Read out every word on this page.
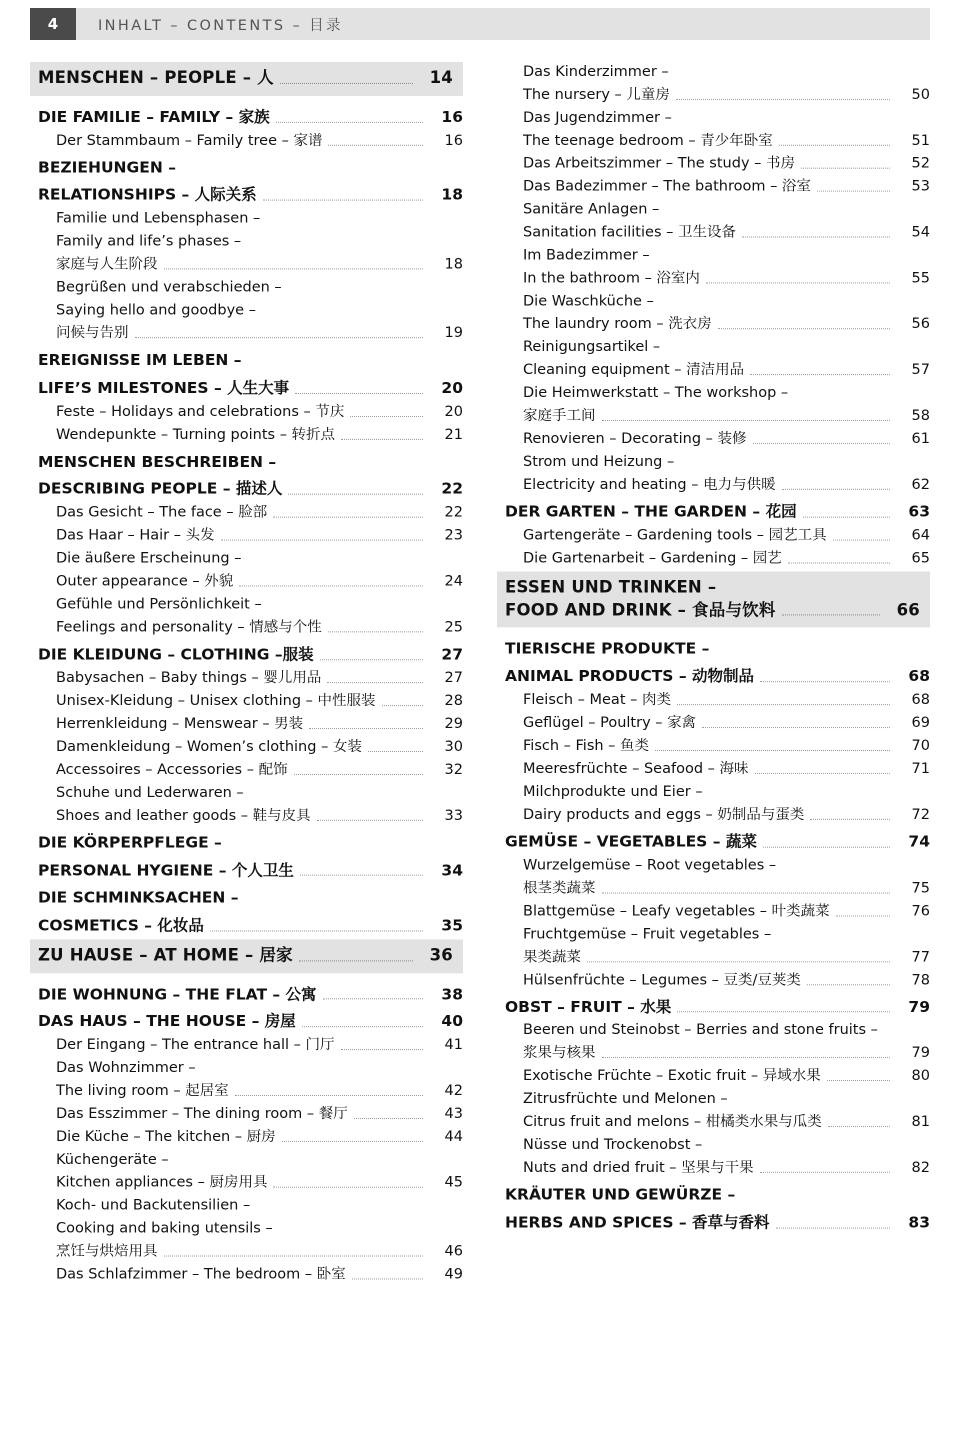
4	INHALT – CONTENTS – 目录
MENSCHEN – PEOPLE – 人	14
DIE FAMILIE – FAMILY – 家族	16
Der Stammbaum – Family tree – 家谱	16
BEZIEHUNGEN –
RELATIONSHIPS – 人际关系	18
Familie und Lebensphasen –
Family and life’s phases –
家庭与人生阶段	18
Begrüßen und verabschieden –
Saying hello and goodbye –
问候与告别	19
EREIGNISSE IM LEBEN –
LIFE’S MILESTONES – 人生大事	20
Feste – Holidays and celebrations – 节庆	20
Wendepunkte – Turning points – 转折点	21
MENSCHEN BESCHREIBEN –
DESCRIBING PEOPLE – 描述人	22
Das Gesicht – The face – 脸部	22
Das Haar – Hair – 头发	23
Die äußere Erscheinung –
Outer appearance – 外貌	24
Gefühle und Persönlichkeit –
Feelings and personality – 情感与个性	25
DIE KLEIDUNG – CLOTHING –服装	27
Babysachen – Baby things – 婴儿用品	27
Unisex-Kleidung – Unisex clothing – 中性服装	28
Herrenkleidung – Menswear – 男装	29
Damenkleidung – Women’s clothing – 女装	30
Accessoires – Accessories – 配饰	32
Schuhe und Lederwaren –
Shoes and leather goods – 鞋与皮具	33
DIE KÖRPERPFLEGE –
PERSONAL HYGIENE – 个人卫生	34
DIE SCHMINKSACHEN –
COSMETICS – 化妆品	35
ZU HAUSE – AT HOME – 居家	36
DIE WOHNUNG – THE FLAT – 公寓	38
DAS HAUS – THE HOUSE – 房屋	40
Der Eingang – The entrance hall – 门厅	41
Das Wohnzimmer –
The living room – 起居室	42
Das Esszimmer – The dining room – 餐厅	43
Die Küche – The kitchen – 厨房	44
Küchengeräte –
Kitchen appliances – 厨房用具	45
Koch- und Backutensilien –
Cooking and baking utensils –
烹饪与烘焙用具	46
Das Schlafzimmer – The bedroom – 卧室	49
Das Kinderzimmer –
The nursery – 儿童房	50
Das Jugendzimmer –
The teenage bedroom – 青少年卧室	51
Das Arbeitszimmer – The study – 书房	52
Das Badezimmer – The bathroom – 浴室	53
Sanitäre Anlagen –
Sanitation facilities – 卫生设备	54
Im Badezimmer –
In the bathroom – 浴室内	55
Die Waschküche –
The laundry room – 洗衣房	56
Reinigungsartikel –
Cleaning equipment – 清洁用品	57
Die Heimwerkstatt – The workshop –
家庭手工间	58
Renovieren – Decorating – 装修	61
Strom und Heizung –
Electricity and heating – 电力与供暖	62
DER GARTEN – THE GARDEN – 花园	63
Gartengeräte – Gardening tools – 园艺工具	64
Die Gartenarbeit – Gardening – 园艺	65
ESSEN UND TRINKEN –
FOOD AND DRINK – 食品与饮料	66
TIERISCHE PRODUKTE –
ANIMAL PRODUCTS – 动物制品	68
Fleisch – Meat – 肉类	68
Geflügel – Poultry – 家禽	69
Fisch – Fish – 鱼类	70
Meeresfrüchte – Seafood – 海味	71
Milchprodukte und Eier –
Dairy products and eggs – 奶制品与蛋类	72
GEMÜSE – VEGETABLES – 蔬菜	74
Wurzelgemüse – Root vegetables –
根茎类蔬菜	75
Blattgemüse – Leafy vegetables – 叶类蔬菜	76
Fruchtgemüse – Fruit vegetables –
果类蔬菜	77
Hülsenfrüchte – Legumes – 豆类/豆荚类	78
OBST – FRUIT – 水果	79
Beeren und Steinobst – Berries and stone fruits –
浆果与核果	79
Exotische Früchte – Exotic fruit – 异域水果	80
Zitrusfrüchte und Melonen –
Citrus fruit and melons – 柑橘类水果与瓜类	81
Nüsse und Trockenobst –
Nuts and dried fruit – 坚果与干果	82
KRÄUTER UND GEWÜRZE –
HERBS AND SPICES – 香草与香料	83
